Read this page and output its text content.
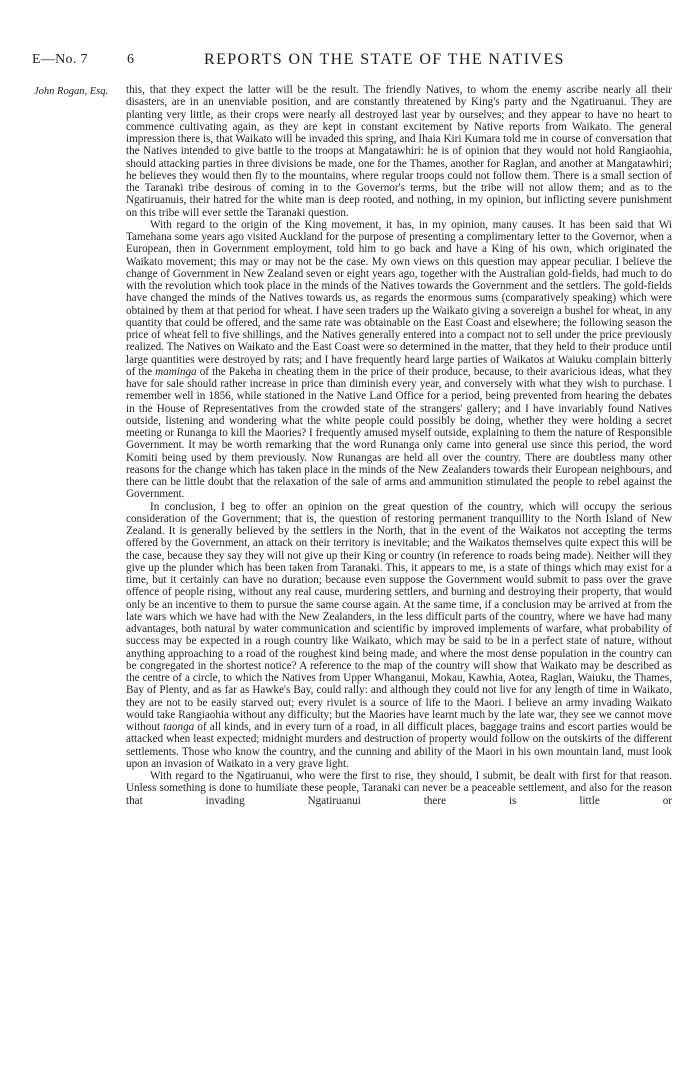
E—No. 7	6	REPORTS ON THE STATE OF THE NATIVES
John Rogan, Esq. this, that they expect the latter will be the result. The friendly Natives, to whom the enemy ascribe nearly all their disasters, are in an unenviable position, and are constantly threatened by King's party and the Ngatiruanui. They are planting very little, as their crops were nearly all destroyed last year by ourselves; and they appear to have no heart to commence cultivating again, as they are kept in constant excitement by Native reports from Waikato. The general impression there is, that Waikato will be invaded this spring, and Ihaia Kiri Kumara told me in course of conversation that the Natives intended to give battle to the troops at Mangatawhiri: he is of opinion that they would not hold Rangiaohia, should attacking parties in three divisions be made, one for the Thames, another for Raglan, and another at Mangatawhiri; he believes they would then fly to the mountains, where regular troops could not follow them. There is a small section of the Taranaki tribe desirous of coming in to the Governor's terms, but the tribe will not allow them; and as to the Ngatiruanuis, their hatred for the white man is deep rooted, and nothing, in my opinion, but inflicting severe punishment on this tribe will ever settle the Taranaki question.

With regard to the origin of the King movement, it has, in my opinion, many causes. It has been said that Wi Tamehana some years ago visited Auckland for the purpose of presenting a complimentary letter to the Governor, when a European, then in Government employment, told him to go back and have a King of his own, which originated the Waikato movement; this may or may not be the case. My own views on this question may appear peculiar. I believe the change of Government in New Zealand seven or eight years ago, together with the Australian gold-fields, had much to do with the revolution which took place in the minds of the Natives towards the Government and the settlers. The gold-fields have changed the minds of the Natives towards us, as regards the enormous sums (comparatively speaking) which were obtained by them at that period for wheat. I have seen traders up the Waikato giving a sovereign a bushel for wheat, in any quantity that could be offered, and the same rate was obtainable on the East Coast and elsewhere; the following season the price of wheat fell to five shillings, and the Natives generally entered into a compact not to sell under the price previously realized. The Natives on Waikato and the East Coast were so determined in the matter, that they held to their produce until large quantities were destroyed by rats; and I have frequently heard large parties of Waikatos at Waiuku complain bitterly of the maminga of the Pakeha in cheating them in the price of their produce, because, to their avaricious ideas, what they have for sale should rather increase in price than diminish every year, and conversely with what they wish to purchase. I remember well in 1856, while stationed in the Native Land Office for a period, being prevented from hearing the debates in the House of Representatives from the crowded state of the strangers' gallery; and I have invariably found Natives outside, listening and wondering what the white people could possibly be doing, whether they were holding a secret meeting or Runanga to kill the Maories? I frequently amused myself outside, explaining to them the nature of Responsible Government. It may be worth remarking that the word Runanga only came into general use since this period, the word Komiti being used by them previously. Now Runangas are held all over the country. There are doubtless many other reasons for the change which has taken place in the minds of the New Zealanders towards their European neighbours, and there can be little doubt that the relaxation of the sale of arms and ammunition stimulated the people to rebel against the Government.

In conclusion, I beg to offer an opinion on the great question of the country, which will occupy the serious consideration of the Government; that is, the question of restoring permanent tranquillity to the North Island of New Zealand. It is generally believed by the settlers in the North, that in the event of the Waikatos not accepting the terms offered by the Government, an attack on their territory is inevitable; and the Waikatos themselves quite expect this will be the case, because they say they will not give up their King or country (in reference to roads being made). Neither will they give up the plunder which has been taken from Taranaki. This, it appears to me, is a state of things which may exist for a time, but it certainly can have no duration; because even suppose the Government would submit to pass over the grave offence of people rising, without any real cause, murdering settlers, and burning and destroying their property, that would only be an incentive to them to pursue the same course again. At the same time, if a conclusion may be arrived at from the late wars which we have had with the New Zealanders, in the less difficult parts of the country, where we have had many advantages, both natural by water communication and scientific by improved implements of warfare, what probability of success may be expected in a rough country like Waikato, which may be said to be in a perfect state of nature, without anything approaching to a road of the roughest kind being made, and where the most dense population in the country can be congregated in the shortest notice? A reference to the map of the country will show that Waikato may be described as the centre of a circle, to which the Natives from Upper Whanganui, Mokau, Kawhia, Aotea, Raglan, Waiuku, the Thames, Bay of Plenty, and as far as Hawke's Bay, could rally: and although they could not live for any length of time in Waikato, they are not to be easily starved out; every rivulet is a source of life to the Maori. I believe an army invading Waikato would take Rangiaohia without any difficulty; but the Maories have learnt much by the late war, they see we cannot move without taonga of all kinds, and in every turn of a road, in all difficult places, baggage trains and escort parties would be attacked when least expected; midnight murders and destruction of property would follow on the outskirts of the different settlements. Those who know the country, and the cunning and ability of the Maori in his own mountain land, must look upon an invasion of Waikato in a very grave light.

With regard to the Ngatiruanui, who were the first to rise, they should, I submit, be dealt with first for that reason. Unless something is done to humiliate these people, Taranaki can never be a peaceable settlement, and also for the reason that invading Ngatiruanui there is little or
